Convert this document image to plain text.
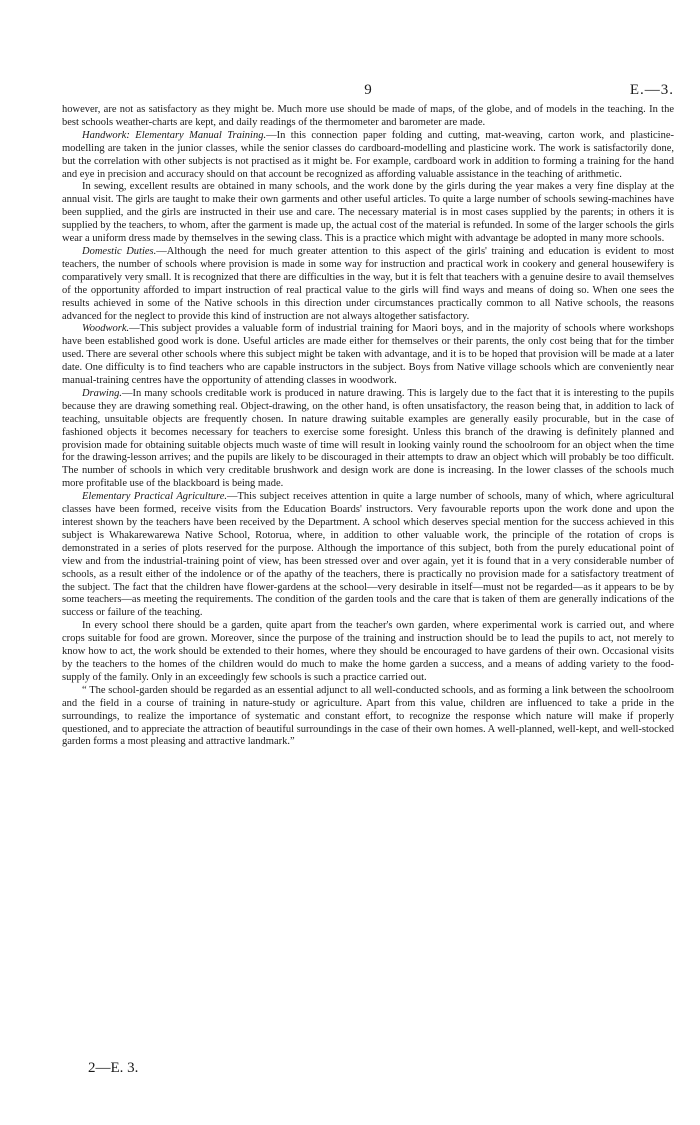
9	E.—3.

however, are not as satisfactory as they might be. Much more use should be made of maps, of the globe, and of models in the teaching. In the best schools weather-charts are kept, and daily readings of the thermometer and barometer are made.

Handwork: Elementary Manual Training.—In this connection paper folding and cutting, mat-weaving, carton work, and plasticine-modelling are taken in the junior classes, while the senior classes do cardboard-modelling and plasticine work. The work is satisfactorily done, but the correlation with other subjects is not practised as it might be. For example, cardboard work in addition to forming a training for the hand and eye in precision and accuracy should on that account be recognized as affording valuable assistance in the teaching of arithmetic.

In sewing, excellent results are obtained in many schools, and the work done by the girls during the year makes a very fine display at the annual visit. The girls are taught to make their own garments and other useful articles. To quite a large number of schools sewing-machines have been supplied, and the girls are instructed in their use and care. The necessary material is in most cases supplied by the parents; in others it is supplied by the teachers, to whom, after the garment is made up, the actual cost of the material is refunded. In some of the larger schools the girls wear a uniform dress made by themselves in the sewing class. This is a practice which might with advantage be adopted in many more schools.

Domestic Duties.—Although the need for much greater attention to this aspect of the girls' training and education is evident to most teachers, the number of schools where provision is made in some way for instruction and practical work in cookery and general housewifery is comparatively very small. It is recognized that there are difficulties in the way, but it is felt that teachers with a genuine desire to avail themselves of the opportunity afforded to impart instruction of real practical value to the girls will find ways and means of doing so. When one sees the results achieved in some of the Native schools in this direction under circumstances practically common to all Native schools, the reasons advanced for the neglect to provide this kind of instruction are not always altogether satisfactory.

Woodwork.—This subject provides a valuable form of industrial training for Maori boys, and in the majority of schools where workshops have been established good work is done. Useful articles are made either for themselves or their parents, the only cost being that for the timber used. There are several other schools where this subject might be taken with advantage, and it is to be hoped that provision will be made at a later date. One difficulty is to find teachers who are capable instructors in the subject. Boys from Native village schools which are conveniently near manual-training centres have the opportunity of attending classes in woodwork.

Drawing.—In many schools creditable work is produced in nature drawing. This is largely due to the fact that it is interesting to the pupils because they are drawing something real. Object-drawing, on the other hand, is often unsatisfactory, the reason being that, in addition to lack of teaching, unsuitable objects are frequently chosen. In nature drawing suitable examples are generally easily procurable, but in the case of fashioned objects it becomes necessary for teachers to exercise some foresight. Unless this branch of the drawing is definitely planned and provision made for obtaining suitable objects much waste of time will result in looking vainly round the schoolroom for an object when the time for the drawing-lesson arrives; and the pupils are likely to be discouraged in their attempts to draw an object which will probably be too difficult. The number of schools in which very creditable brushwork and design work are done is increasing. In the lower classes of the schools much more profitable use of the blackboard is being made.

Elementary Practical Agriculture.—This subject receives attention in quite a large number of schools, many of which, where agricultural classes have been formed, receive visits from the Education Boards' instructors. Very favourable reports upon the work done and upon the interest shown by the teachers have been received by the Department. A school which deserves special mention for the success achieved in this subject is Whakarewarewa Native School, Rotorua, where, in addition to other valuable work, the principle of the rotation of crops is demonstrated in a series of plots reserved for the purpose. Although the importance of this subject, both from the purely educational point of view and from the industrial-training point of view, has been stressed over and over again, yet it is found that in a very considerable number of schools, as a result either of the indolence or of the apathy of the teachers, there is practically no provision made for a satisfactory treatment of the subject. The fact that the children have flower-gardens at the school—very desirable in itself—must not be regarded—as it appears to be by some teachers—as meeting the requirements. The condition of the garden tools and the care that is taken of them are generally indications of the success or failure of the teaching.

In every school there should be a garden, quite apart from the teacher's own garden, where experimental work is carried out, and where crops suitable for food are grown. Moreover, since the purpose of the training and instruction should be to lead the pupils to act, not merely to know how to act, the work should be extended to their homes, where they should be encouraged to have gardens of their own. Occasional visits by the teachers to the homes of the children would do much to make the home garden a success, and a means of adding variety to the food-supply of the family. Only in an exceedingly few schools is such a practice carried out.

“ The school-garden should be regarded as an essential adjunct to all well-conducted schools, and as forming a link between the schoolroom and the field in a course of training in nature-study or agriculture. Apart from this value, children are influenced to take a pride in the surroundings, to realize the importance of systematic and constant effort, to recognize the response which nature will make if properly questioned, and to appreciate the attraction of beautiful surroundings in the case of their own homes. A well-planned, well-kept, and well-stocked garden forms a most pleasing and attractive landmark.”

2—E. 3.
